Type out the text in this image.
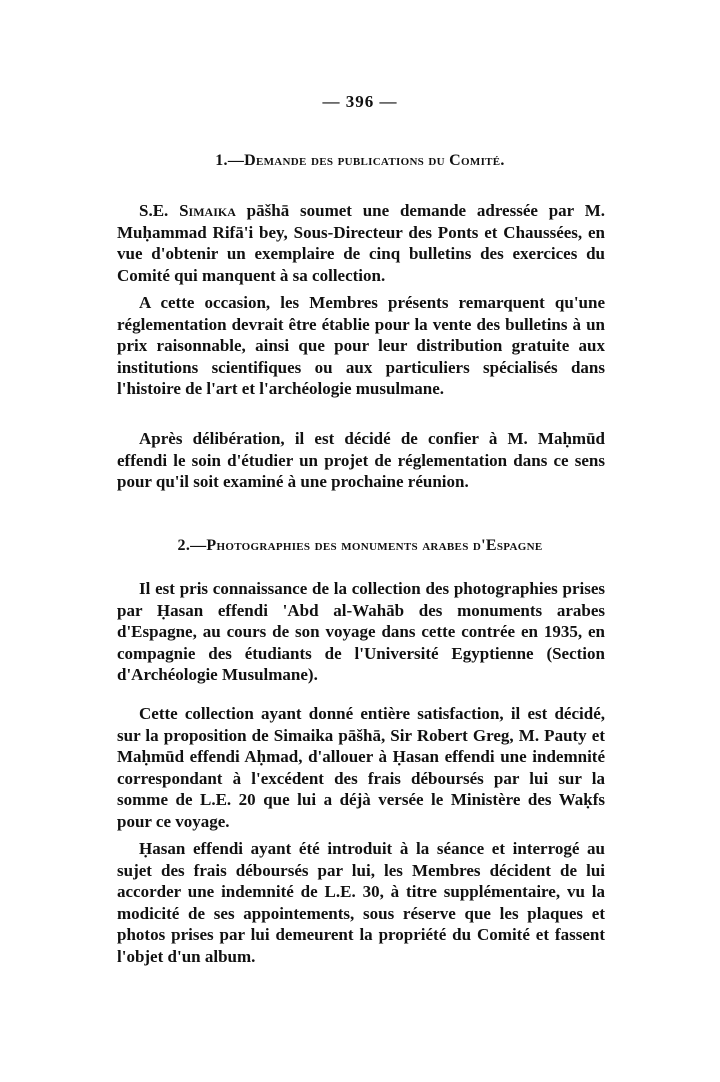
— 396 —
1.—Demande des publications du Comité.

S.E. Simaika pāšhā soumet une demande adressée par M. Muḥammad Rifā'i bey, Sous-Directeur des Ponts et Chaussées, en vue d'obtenir un exemplaire de cinq bulletins des exercices du Comité qui manquent à sa collection.

A cette occasion, les Membres présents remarquent qu'une réglementation devrait être établie pour la vente des bulletins à un prix raisonnable, ainsi que pour leur distribution gratuite aux institutions scientifiques ou aux particuliers spécialisés dans l'histoire de l'art et l'archéologie musulmane.

Après délibération, il est décidé de confier à M. Maḥmūd effendi le soin d'étudier un projet de réglementation dans ce sens pour qu'il soit examiné à une prochaine réunion.

2.—Photographies des monuments arabes d'Espagne

Il est pris connaissance de la collection des photographies prises par Ḥasan effendi 'Abd al-Wahāb des monuments arabes d'Espagne, au cours de son voyage dans cette contrée en 1935, en compagnie des étudiants de l'Université Egyptienne (Section d'Archéologie Musulmane).

Cette collection ayant donné entière satisfaction, il est décidé, sur la proposition de Simaika pāšhā, Sir Robert Greg, M. Pauty et Maḥmūd effendi Aḥmad, d'allouer à Ḥasan effendi une indemnité correspondant à l'excédent des frais déboursés par lui sur la somme de L.E. 20 que lui a déjà versée le Ministère des Waḳfs pour ce voyage.

Ḥasan effendi ayant été introduit à la séance et interrogé au sujet des frais déboursés par lui, les Membres décident de lui accorder une indemnité de L.E. 30, à titre supplémentaire, vu la modicité de ses appointements, sous réserve que les plaques et photos prises par lui demeurent la propriété du Comité et fassent l'objet d'un album.
